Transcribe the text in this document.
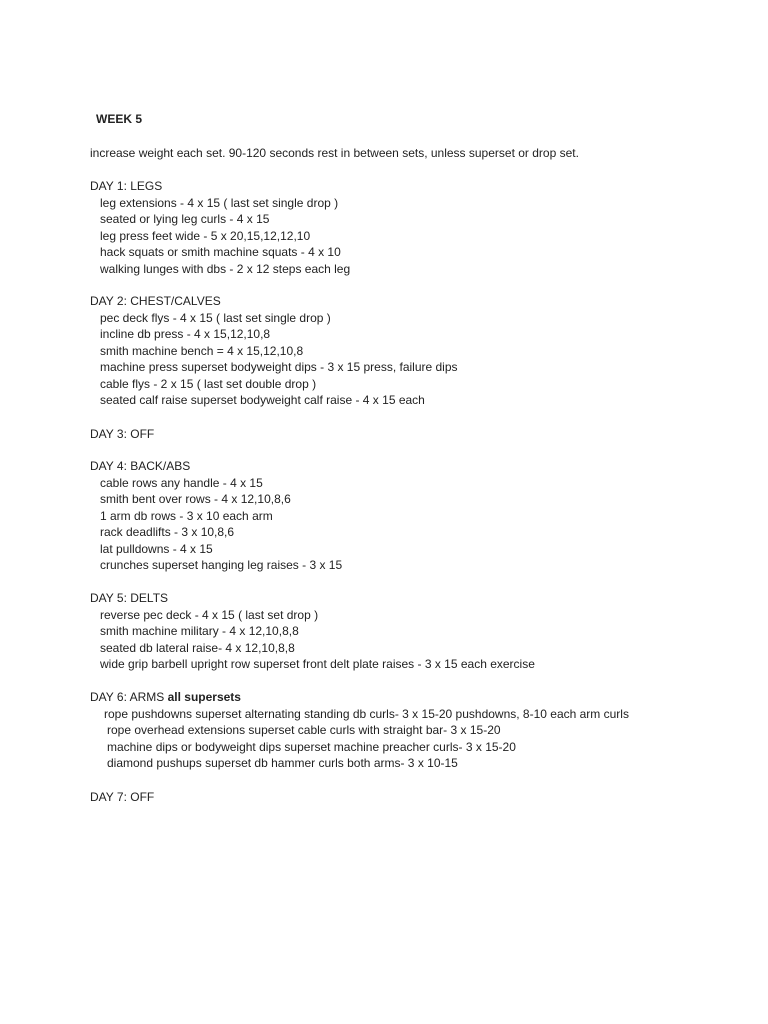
WEEK 5
increase weight each set. 90-120 seconds rest in between sets, unless superset or drop set.
DAY 1: LEGS
leg extensions - 4 x 15 ( last set single drop )
seated or lying leg curls - 4 x 15
leg press feet wide - 5 x 20,15,12,12,10
hack squats or smith machine squats - 4 x 10
walking lunges with dbs - 2 x 12 steps each leg
DAY 2: CHEST/CALVES
pec deck flys - 4 x 15 ( last set single drop )
incline db press - 4 x 15,12,10,8
smith machine bench = 4 x 15,12,10,8
machine press superset bodyweight dips - 3 x 15 press, failure dips
cable flys - 2 x 15 ( last set double drop )
seated calf raise superset bodyweight calf raise - 4 x 15 each
DAY 3: OFF
DAY 4: BACK/ABS
cable rows any handle - 4 x 15
smith bent over rows - 4 x 12,10,8,6
1 arm db rows - 3 x 10 each arm
rack deadlifts - 3 x 10,8,6
lat pulldowns - 4 x 15
crunches superset hanging leg raises - 3 x 15
DAY 5: DELTS
reverse pec deck - 4 x 15 ( last set drop )
smith machine military - 4 x 12,10,8,8
seated db lateral raise- 4 x 12,10,8,8
wide grip barbell upright row superset front delt plate raises - 3 x 15 each exercise
DAY 6: ARMS all supersets
rope pushdowns superset alternating standing db curls- 3 x 15-20 pushdowns, 8-10 each arm curls
rope overhead extensions superset cable curls with straight bar- 3 x 15-20
machine dips or bodyweight dips superset machine preacher curls- 3 x 15-20
diamond pushups superset db hammer curls both arms- 3 x 10-15
DAY 7: OFF
